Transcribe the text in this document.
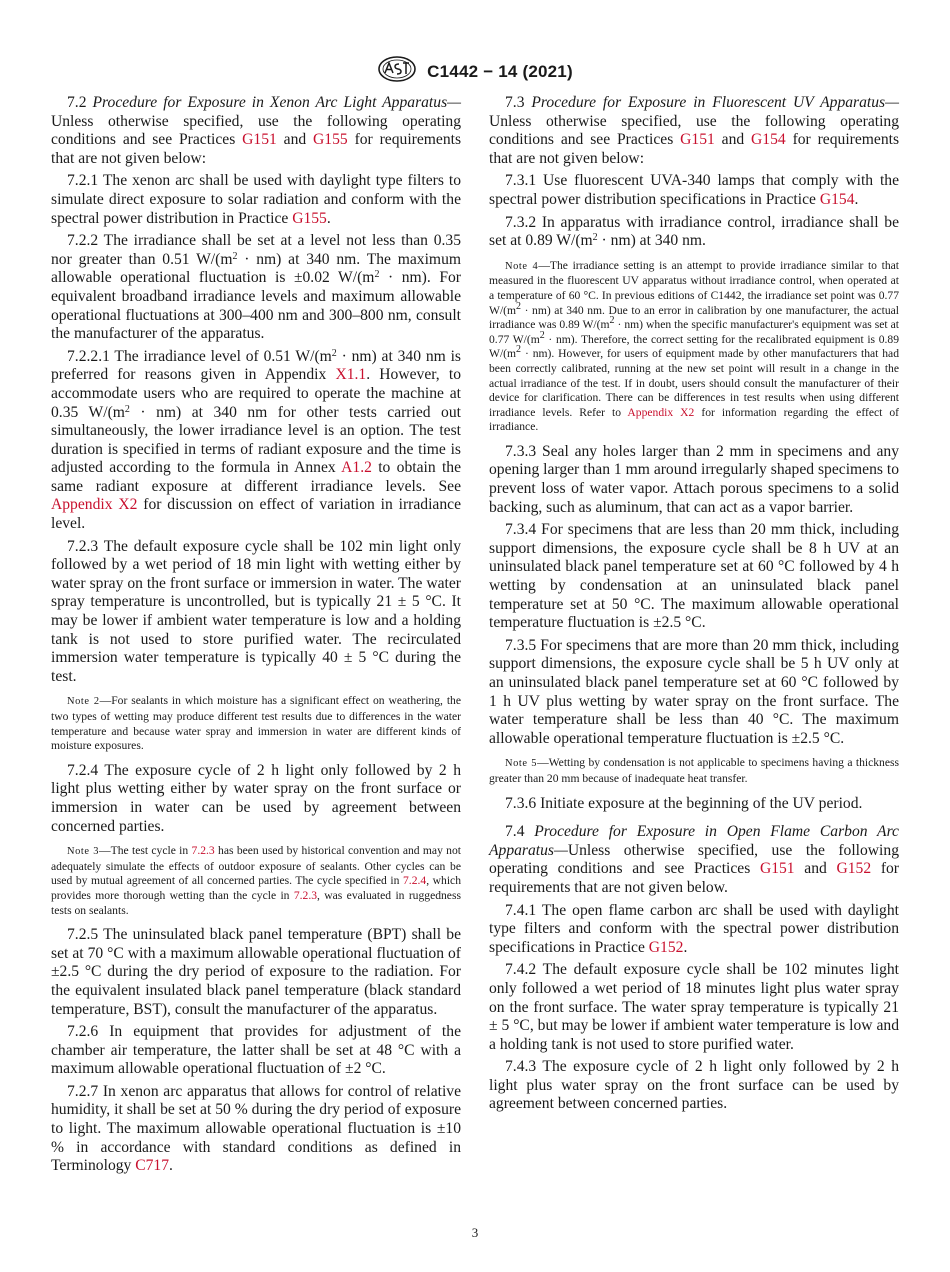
C1442 − 14 (2021)

7.2 Procedure for Exposure in Xenon Arc Light Apparatus—Unless otherwise specified, use the following operating conditions and see Practices G151 and G155 for requirements that are not given below:

7.2.1 The xenon arc shall be used with daylight type filters to simulate direct exposure to solar radiation and conform with the spectral power distribution in Practice G155.

7.2.2 The irradiance shall be set at a level not less than 0.35 nor greater than 0.51 $W/(m^2 \cdot nm)$ at 340 nm. The maximum allowable operational fluctuation is ±0.02 $W/(m^2 \cdot nm)$. For equivalent broadband irradiance levels and maximum allowable operational fluctuations at 300–400 nm and 300–800 nm, consult the manufacturer of the apparatus.

7.2.2.1 The irradiance level of 0.51 $W/(m^2 \cdot nm)$ at 340 nm is preferred for reasons given in Appendix X1.1. However, to accommodate users who are required to operate the machine at 0.35 $W/(m^2 \cdot nm)$ at 340 nm for other tests carried out simultaneously, the lower irradiance level is an option. The test duration is specified in terms of radiant exposure and the time is adjusted according to the formula in Annex A1.2 to obtain the same radiant exposure at different irradiance levels. See Appendix X2 for discussion on effect of variation in irradiance level.

7.2.3 The default exposure cycle shall be 102 min light only followed by a wet period of 18 min light with wetting either by water spray on the front surface or immersion in water. The water spray temperature is uncontrolled, but is typically 21 ± 5 °C. It may be lower if ambient water temperature is low and a holding tank is not used to store purified water. The recirculated immersion water temperature is typically 40 ± 5 °C during the test.

Note 2—For sealants in which moisture has a significant effect on weathering, the two types of wetting may produce different test results due to differences in the water temperature and because water spray and immersion in water are different kinds of moisture exposures.

7.2.4 The exposure cycle of 2 h light only followed by 2 h light plus wetting either by water spray on the front surface or immersion in water can be used by agreement between concerned parties.

Note 3—The test cycle in 7.2.3 has been used by historical convention and may not adequately simulate the effects of outdoor exposure of sealants. Other cycles can be used by mutual agreement of all concerned parties. The cycle specified in 7.2.4, which provides more thorough wetting than the cycle in 7.2.3, was evaluated in ruggedness tests on sealants.

7.2.5 The uninsulated black panel temperature (BPT) shall be set at 70 °C with a maximum allowable operational fluctuation of ±2.5 °C during the dry period of exposure to the radiation. For the equivalent insulated black panel temperature (black standard temperature, BST), consult the manufacturer of the apparatus.

7.2.6 In equipment that provides for adjustment of the chamber air temperature, the latter shall be set at 48 °C with a maximum allowable operational fluctuation of ±2 °C.

7.2.7 In xenon arc apparatus that allows for control of relative humidity, it shall be set at 50 % during the dry period of exposure to light. The maximum allowable operational fluctuation is ±10 % in accordance with standard conditions as defined in Terminology C717.

7.3 Procedure for Exposure in Fluorescent UV Apparatus—Unless otherwise specified, use the following operating conditions and see Practices G151 and G154 for requirements that are not given below:

7.3.1 Use fluorescent UVA-340 lamps that comply with the spectral power distribution specifications in Practice G154.

7.3.2 In apparatus with irradiance control, irradiance shall be set at 0.89 $W/(m^2 \cdot nm)$ at 340 nm.

Note 4—The irradiance setting is an attempt to provide irradiance similar to that measured in the fluorescent UV apparatus without irradiance control, when operated at a temperature of 60 °C. In previous editions of C1442, the irradiance set point was 0.77 $W/(m^2 \cdot nm)$ at 340 nm. Due to an error in calibration by one manufacturer, the actual irradiance was 0.89 $W/(m^2 \cdot nm)$ when the specific manufacturer's equipment was set at 0.77 $W/(m^2 \cdot nm)$. Therefore, the correct setting for the recalibrated equipment is 0.89 $W/(m^2 \cdot nm)$. However, for users of equipment made by other manufacturers that had been correctly calibrated, running at the new set point will result in a change in the actual irradiance of the test. If in doubt, users should consult the manufacturer of their device for clarification. There can be differences in test results when using different irradiance levels. Refer to Appendix X2 for information regarding the effect of irradiance.

7.3.3 Seal any holes larger than 2 mm in specimens and any opening larger than 1 mm around irregularly shaped specimens to prevent loss of water vapor. Attach porous specimens to a solid backing, such as aluminum, that can act as a vapor barrier.

7.3.4 For specimens that are less than 20 mm thick, including support dimensions, the exposure cycle shall be 8 h UV at an uninsulated black panel temperature set at 60 °C followed by 4 h wetting by condensation at an uninsulated black panel temperature set at 50 °C. The maximum allowable operational temperature fluctuation is ±2.5 °C.

7.3.5 For specimens that are more than 20 mm thick, including support dimensions, the exposure cycle shall be 5 h UV only at an uninsulated black panel temperature set at 60 °C followed by 1 h UV plus wetting by water spray on the front surface. The water temperature shall be less than 40 °C. The maximum allowable operational temperature fluctuation is ±2.5 °C.

Note 5—Wetting by condensation is not applicable to specimens having a thickness greater than 20 mm because of inadequate heat transfer.

7.3.6 Initiate exposure at the beginning of the UV period.

7.4 Procedure for Exposure in Open Flame Carbon Arc Apparatus—Unless otherwise specified, use the following operating conditions and see Practices G151 and G152 for requirements that are not given below.

7.4.1 The open flame carbon arc shall be used with daylight type filters and conform with the spectral power distribution specifications in Practice G152.

7.4.2 The default exposure cycle shall be 102 minutes light only followed a wet period of 18 minutes light plus water spray on the front surface. The water spray temperature is typically 21 ± 5 °C, but may be lower if ambient water temperature is low and a holding tank is not used to store purified water.

7.4.3 The exposure cycle of 2 h light only followed by 2 h light plus water spray on the front surface can be used by agreement between concerned parties.

3
